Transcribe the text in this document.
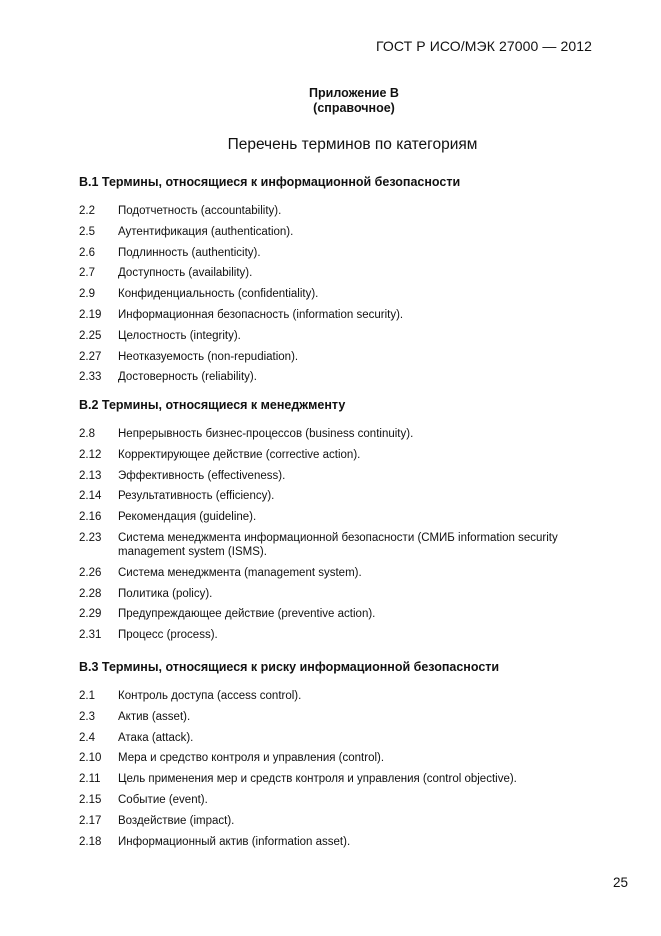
ГОСТ Р ИСО/МЭК 27000 — 2012
Приложение В
(справочное)
Перечень терминов по категориям
В.1 Термины, относящиеся к информационной безопасности
2.2	Подотчетность (accountability).
2.5	Аутентификация (authentication).
2.6	Подлинность (authenticity).
2.7	Доступность (availability).
2.9	Конфиденциальность (confidentiality).
2.19	Информационная безопасность (information security).
2.25	Целостность (integrity).
2.27	Неотказуемость (non-repudiation).
2.33	Достоверность (reliability).
В.2 Термины, относящиеся к менеджменту
2.8	Непрерывность бизнес-процессов (business continuity).
2.12	Корректирующее действие (corrective action).
2.13	Эффективность (effectiveness).
2.14	Результативность (efficiency).
2.16	Рекомендация (guideline).
2.23	Система менеджмента информационной безопасности (СМИБ information security
management system (ISMS).
2.26	Система менеджмента (management system).
2.28	Политика (policy).
2.29	Предупреждающее действие (preventive action).
2.31	Процесс (process).
В.3 Термины, относящиеся к риску информационной безопасности
2.1	Контроль доступа (access control).
2.3	Актив (asset).
2.4	Атака (attack).
2.10	Мера и средство контроля и управления (control).
2.11	Цель применения мер и средств контроля и управления (control objective).
2.15	Событие (event).
2.17	Воздействие (impact).
2.18	Информационный актив (information asset).
25
